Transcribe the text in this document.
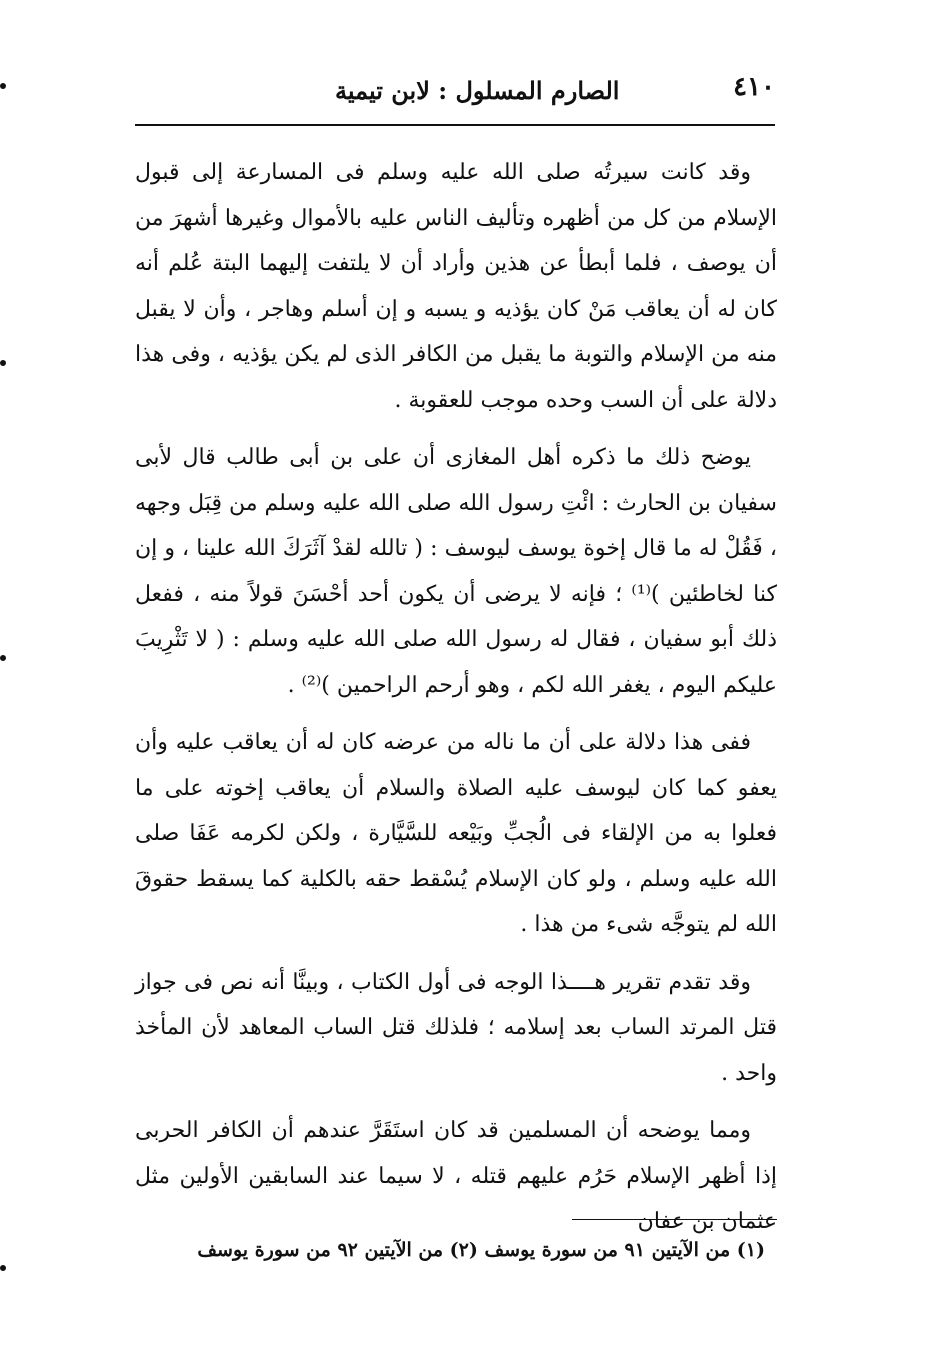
٤١٠
الصارم المسلول : لابن تيمية

وقد كانت سيرتُه صلى الله عليه وسلم فى المسارعة إلى قبول الإسلام من كل من أظهره وتأليف الناس عليه بالأموال وغيرها أشهرَ من أن يوصف ، فلما أبطأ عن هذين وأراد أن لا يلتفت إليهما البتة عُلم أنه كان له أن يعاقب مَنْ كان يؤذيه و يسبه و إن أسلم وهاجر ، وأن لا يقبل منه من الإسلام والتوبة ما يقبل من الكافر الذى لم يكن يؤذيه ، وفى هذا دلالة على أن السب وحده موجب للعقوبة .

يوضح ذلك ما ذكره أهل المغازى أن على بن أبى طالب قال لأبى سفيان بن الحارث : ائْتِ رسول الله صلى الله عليه وسلم من قِبَل وجهه ، فَقُلْ له ما قال إخوة يوسف ليوسف : ( تالله لقدْ آثَرَكَ الله علينا ، و إن كنا لخاطئين )⁽¹⁾ ؛ فإنه لا يرضى أن يكون أحد أحْسَنَ قولاً منه ، ففعل ذلك أبو سفيان ، فقال له رسول الله صلى الله عليه وسلم : ( لا تَثْرِيبَ عليكم اليوم ، يغفر الله لكم ، وهو أرحم الراحمين )⁽²⁾ .

ففى هذا دلالة على أن ما ناله من عرضه كان له أن يعاقب عليه وأن يعفو كما كان ليوسف عليه الصلاة والسلام أن يعاقب إخوته على ما فعلوا به من الإلقاء فى الُجبِّ وبَيْعه للسَّيَّارة ، ولكن لكرمه عَفَا صلى الله عليه وسلم ، ولو كان الإسلام يُسْقط حقه بالكلية كما يسقط حقوقَ الله لم يتوجَّه شىء من هذا .

وقد تقدم تقرير هــــذا الوجه فى أول الكتاب ، وبينَّا أنه نص فى جواز قتل المرتد الساب بعد إسلامه ؛ فلذلك قتل الساب المعاهد لأن المأخذ واحد .

ومما يوضحه أن المسلمين قد كان استَقَرَّ عندهم أن الكافر الحربى إذا أظهر الإسلام حَرُم عليهم قتله ، لا سيما عند السابقين الأولين مثل عثمان بن عفان

(١) من الآيتين ٩١ من سورة يوسف (٢) من الآيتين ٩٢ من سورة يوسف
